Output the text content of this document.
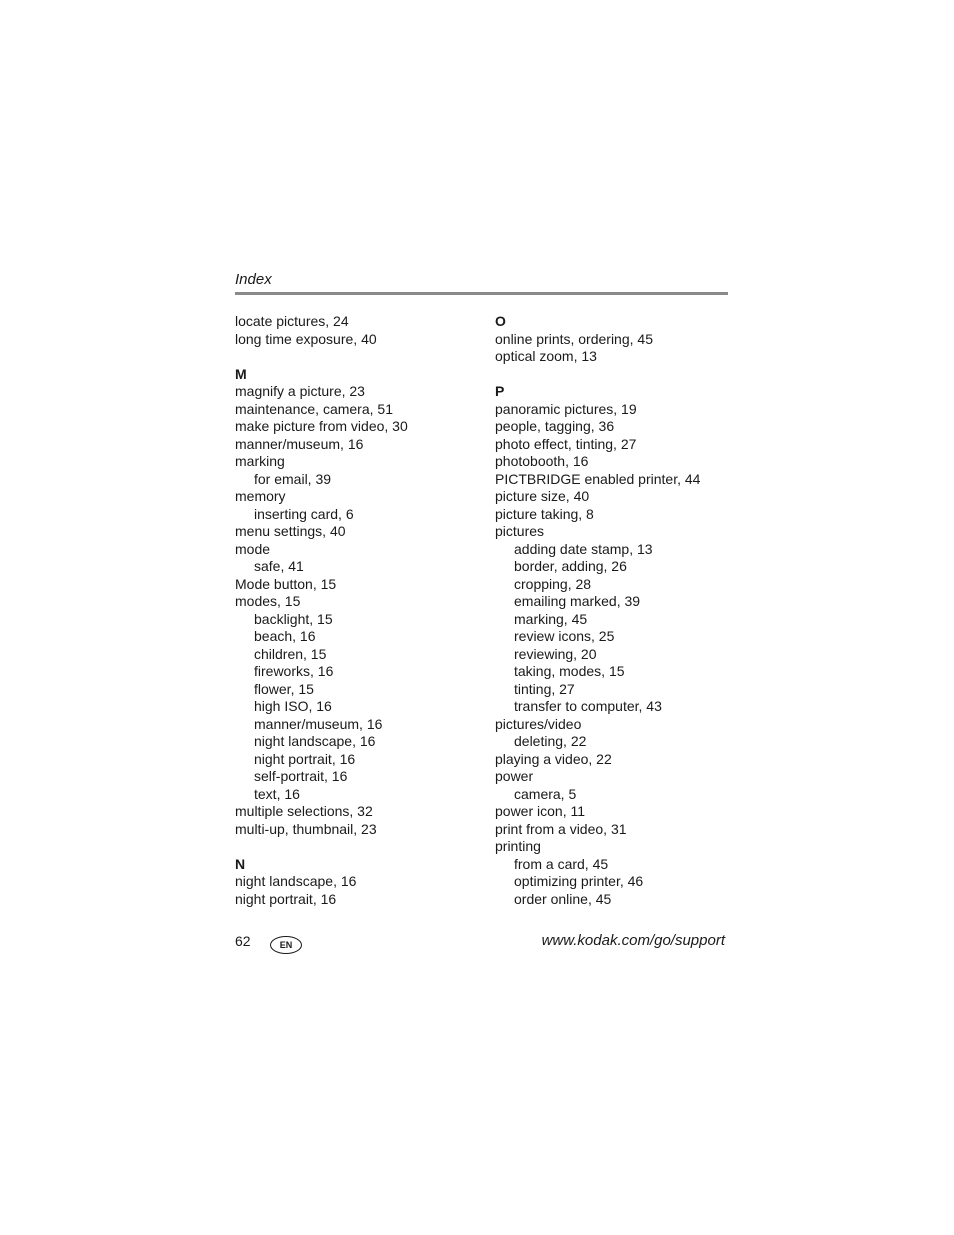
Index
locate pictures, 24
long time exposure, 40
M
magnify a picture, 23
maintenance, camera, 51
make picture from video, 30
manner/museum, 16
marking
for email, 39
memory
inserting card, 6
menu settings, 40
mode
safe, 41
Mode button, 15
modes, 15
backlight, 15
beach, 16
children, 15
fireworks, 16
flower, 15
high ISO, 16
manner/museum, 16
night landscape, 16
night portrait, 16
self-portrait, 16
text, 16
multiple selections, 32
multi-up, thumbnail, 23
N
night landscape, 16
night portrait, 16
O
online prints, ordering, 45
optical zoom, 13
P
panoramic pictures, 19
people, tagging, 36
photo effect, tinting, 27
photobooth, 16
PICTBRIDGE enabled printer, 44
picture size, 40
picture taking, 8
pictures
adding date stamp, 13
border, adding, 26
cropping, 28
emailing marked, 39
marking, 45
review icons, 25
reviewing, 20
taking, modes, 15
tinting, 27
transfer to computer, 43
pictures/video
deleting, 22
playing a video, 22
power
camera, 5
power icon, 11
print from a video, 31
printing
from a card, 45
optimizing printer, 46
order online, 45
62	EN	www.kodak.com/go/support
